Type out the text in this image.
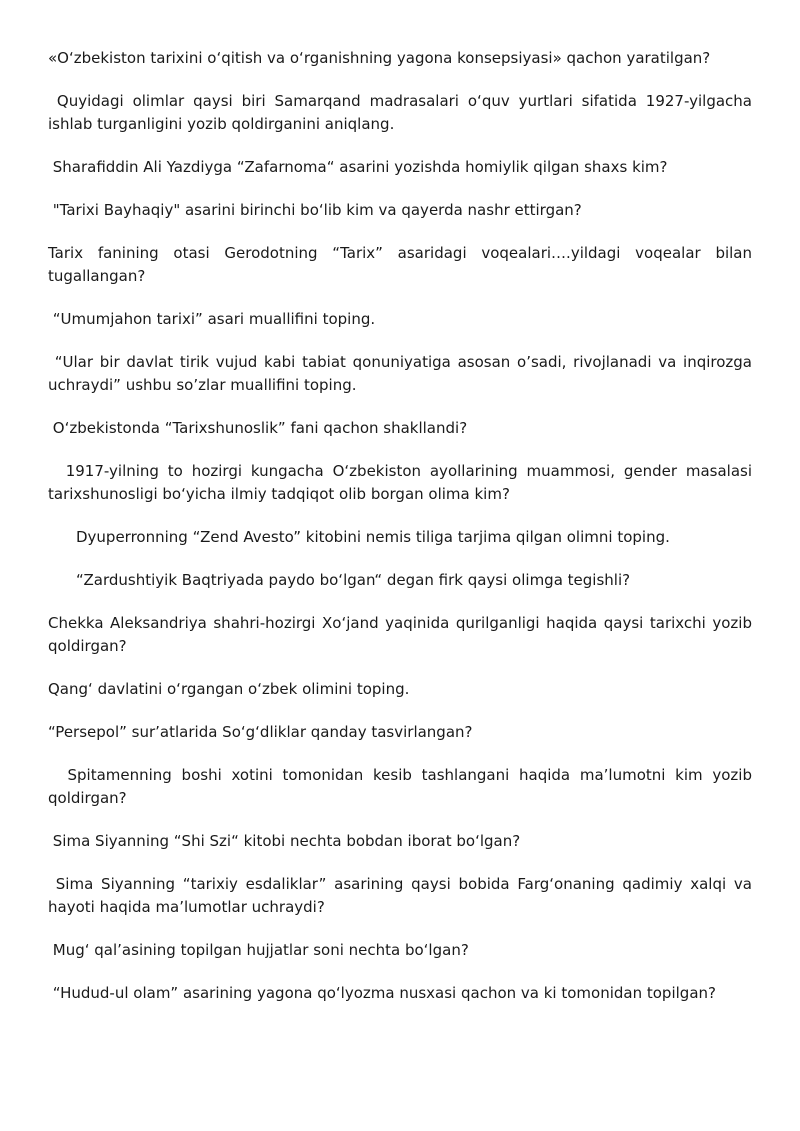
«O‘zbekiston tarixini o‘qitish va o‘rganishning yagona konsepsiyasi» qachon yaratilgan?

Quyidagi olimlar qaysi biri Samarqand madrasalari o‘quv yurtlari sifatida 1927-yilgacha ishlab turganligini yozib qoldirganini aniqlang.

Sharafiddin Ali Yazdiyga “Zafarnoma“ asarini yozishda homiylik qilgan shaxs kim?

"Tarixi Bayhaqiy" asarini birinchi bo‘lib kim va qayerda nashr ettirgan?

Tarix fanining otasi Gerodotning “Tarix” asaridagi voqealari….yildagi voqealar bilan tugallangan?

“Umumjahon tarixi” asari muallifini toping.

“Ular bir davlat tirik vujud kabi tabiat qonuniyatiga asosan o’sadi, rivojlanadi va inqirozga uchraydi” ushbu so’zlar muallifini toping.

O‘zbekistonda “Tarixshunoslik” fani qachon shakllandi?

1917-yilning to hozirgi kungacha O‘zbekiston ayollarining muammosi, gender masalasi tarixshunosligi bo‘yicha ilmiy tadqiqot olib borgan olima kim?

Dyuperronning “Zend Avesto” kitobini nemis tiliga tarjima qilgan olimni toping.

“Zardushtiyik Baqtriyada paydo bo‘lgan“ degan firk qaysi olimga tegishli?

Chekka Aleksandriya shahri-hozirgi Xo‘jand yaqinida qurilganligi haqida qaysi tarixchi yozib qoldirgan?

Qang‘ davlatini o‘rgangan o‘zbek olimini toping.

“Persepol” sur’atlarida So‘g‘dliklar qanday tasvirlangan?

Spitamenning boshi xotini tomonidan kesib tashlangani haqida ma’lumotni kim yozib qoldirgan?

Sima Siyanning “Shi Szi“ kitobi nechta bobdan iborat bo‘lgan?

Sima Siyanning “tarixiy esdaliklar” asarining qaysi bobida Farg‘onaning qadimiy xalqi va hayoti haqida ma’lumotlar uchraydi?

Mug‘ qal’asining topilgan hujjatlar soni nechta bo‘lgan?

“Hudud-ul olam” asarining yagona qo‘lyozma nusxasi qachon va ki tomonidan topilgan?
